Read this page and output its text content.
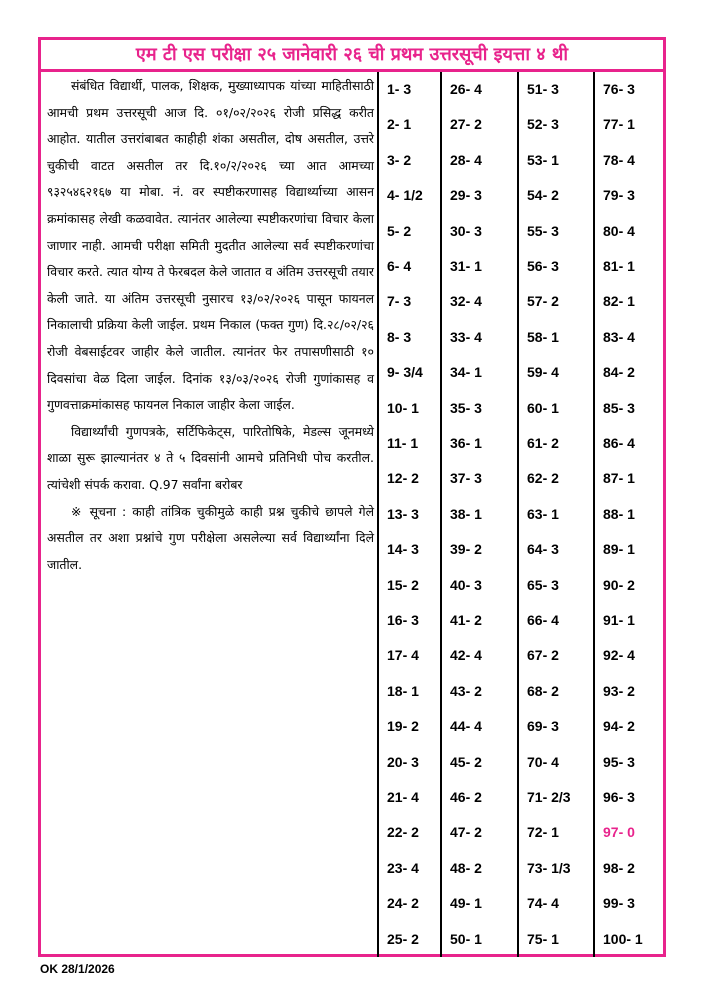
एम टी एस परीक्षा २५ जानेवारी २६ ची प्रथम उत्तरसूची इयत्ता ४ थी

संबंधित विद्यार्थी, पालक, शिक्षक, मुख्याध्यापक यांच्या माहितीसाठी आमची प्रथम उत्तरसूची आज दि. ०१/०२/२०२६ रोजी प्रसिद्ध करीत आहोत. यातील उत्तरांबाबत काहीही शंका असतील, दोष असतील, उत्तरे चुकीची वाटत असतील तर दि.१०/२/२०२६ च्या आत आमच्या ९३२५४६२१६७ या मोबा. नं. वर स्पष्टीकरणासह विद्यार्थ्याच्या आसन क्रमांकासह लेखी कळवावेत. त्यानंतर आलेल्या स्पष्टीकरणांचा विचार केला जाणार नाही. आमची परीक्षा समिती मुदतीत आलेल्या सर्व स्पष्टीकरणांचा विचार करते. त्यात योग्य ते फेरबदल केले जातात व अंतिम उत्तरसूची तयार केली जाते. या अंतिम उत्तरसूची नुसारच १३/०२/२०२६ पासून फायनल निकालाची प्रक्रिया केली जाईल. प्रथम निकाल (फक्त गुण) दि.२८/०२/२६ रोजी वेबसाईटवर जाहीर केले जातील. त्यानंतर फेर तपासणीसाठी १० दिवसांचा वेळ दिला जाईल. दिनांक १३/०३/२०२६ रोजी गुणांकासह व गुणवत्ताक्रमांकासह फायनल निकाल जाहीर केला जाईल.

विद्यार्थ्यांची गुणपत्रके, सर्टिफिकेट्स, पारितोषिके, मेडल्स जूनमध्ये शाळा सुरू झाल्यानंतर ४ ते ५ दिवसांनी आमचे प्रतिनिधी पोच करतील. त्यांचेशी संपर्क करावा. Q.97 सर्वांना बरोबर

※ सूचना : काही तांत्रिक चुकीमुळे काही प्रश्न चुकीचे छापले गेले असतील तर अशा प्रश्नांचे गुण परीक्षेला असलेल्या सर्व विद्यार्थ्यांना दिले जातील.

1- 3
2- 1
3- 2
4- 1/2
5- 2
6- 4
7- 3
8- 3
9- 3/4
10- 1
11- 1
12- 2
13- 3
14- 3
15- 2
16- 3
17- 4
18- 1
19- 2
20- 3
21- 4
22- 2
23- 4
24- 2
25- 2
26- 4
27- 2
28- 4
29- 3
30- 3
31- 1
32- 4
33- 4
34- 1
35- 3
36- 1
37- 3
38- 1
39- 2
40- 3
41- 2
42- 4
43- 2
44- 4
45- 2
46- 2
47- 2
48- 2
49- 1
50- 1
51- 3
52- 3
53- 1
54- 2
55- 3
56- 3
57- 2
58- 1
59- 4
60- 1
61- 2
62- 2
63- 1
64- 3
65- 3
66- 4
67- 2
68- 2
69- 3
70- 4
71- 2/3
72- 1
73- 1/3
74- 4
75- 1
76- 3
77- 1
78- 4
79- 3
80- 4
81- 1
82- 1
83- 4
84- 2
85- 3
86- 4
87- 1
88- 1
89- 1
90- 2
91- 1
92- 4
93- 2
94- 2
95- 3
96- 3
97- 0
98- 2
99- 3
100- 1
OK 28/1/2026
